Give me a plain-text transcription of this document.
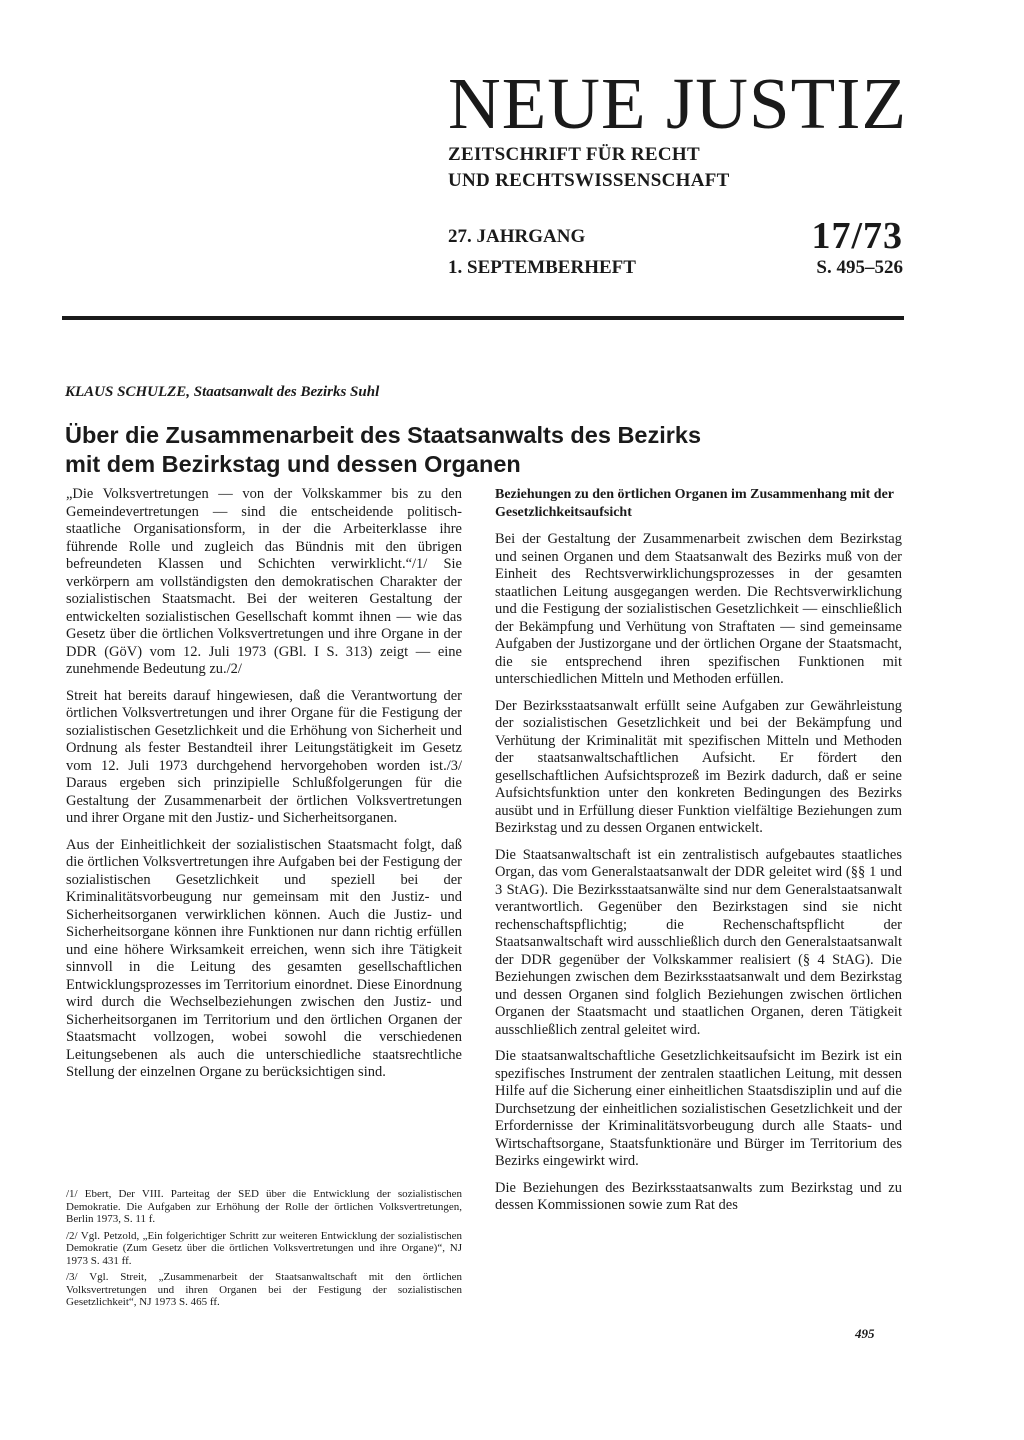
NEUE JUSTIZ
ZEITSCHRIFT FÜR RECHT
UND RECHTSWISSENSCHAFT
27. JAHRGANG	17/73
1. SEPTEMBERHEFT	S. 495–526
KLAUS SCHULZE, Staatsanwalt des Bezirks Suhl
Über die Zusammenarbeit des Staatsanwalts des Bezirks mit dem Bezirkstag und dessen Organen

„Die Volksvertretungen — von der Volkskammer bis zu den Gemeindevertretungen — sind die entscheidende politisch-staatliche Organisationsform, in der die Arbeiterklasse ihre führende Rolle und zugleich das Bündnis mit den übrigen befreundeten Klassen und Schichten verwirklicht.“/1/ Sie verkörpern am vollständigsten den demokratischen Charakter der sozialistischen Staatsmacht. Bei der weiteren Gestaltung der entwickelten sozialistischen Gesellschaft kommt ihnen — wie das Gesetz über die örtlichen Volksvertretungen und ihre Organe in der DDR (GöV) vom 12. Juli 1973 (GBl. I S. 313) zeigt — eine zunehmende Bedeutung zu./2/

Streit hat bereits darauf hingewiesen, daß die Verantwortung der örtlichen Volksvertretungen und ihrer Organe für die Festigung der sozialistischen Gesetzlichkeit und die Erhöhung von Sicherheit und Ordnung als fester Bestandteil ihrer Leitungstätigkeit im Gesetz vom 12. Juli 1973 durchgehend hervorgehoben worden ist./3/ Daraus ergeben sich prinzipielle Schlußfolgerungen für die Gestaltung der Zusammenarbeit der örtlichen Volksvertretungen und ihrer Organe mit den Justiz- und Sicherheitsorganen.

Aus der Einheitlichkeit der sozialistischen Staatsmacht folgt, daß die örtlichen Volksvertretungen ihre Aufgaben bei der Festigung der sozialistischen Gesetzlichkeit und speziell bei der Kriminalitätsvorbeugung nur gemeinsam mit den Justiz- und Sicherheitsorganen verwirklichen können. Auch die Justiz- und Sicherheitsorgane können ihre Funktionen nur dann richtig erfüllen und eine höhere Wirksamkeit erreichen, wenn sich ihre Tätigkeit sinnvoll in die Leitung des gesamten gesellschaftlichen Entwicklungsprozesses im Territorium einordnet. Diese Einordnung wird durch die Wechselbeziehungen zwischen den Justiz- und Sicherheitsorganen im Territorium und den örtlichen Organen der Staatsmacht vollzogen, wobei sowohl die verschiedenen Leitungsebenen als auch die unterschiedliche staatsrechtliche Stellung der einzelnen Organe zu berücksichtigen sind.

/1/ Ebert, Der VIII. Parteitag der SED über die Entwicklung der sozialistischen Demokratie. Die Aufgaben zur Erhöhung der Rolle der örtlichen Volksvertretungen, Berlin 1973, S. 11 f.
/2/ Vgl. Petzold, „Ein folgerichtiger Schritt zur weiteren Entwicklung der sozialistischen Demokratie (Zum Gesetz über die örtlichen Volksvertretungen und ihre Organe)“, NJ 1973 S. 431 ff.
/3/ Vgl. Streit, „Zusammenarbeit der Staatsanwaltschaft mit den örtlichen Volksvertretungen und ihren Organen bei der Festigung der sozialistischen Gesetzlichkeit“, NJ 1973 S. 465 ff.
Beziehungen zu den örtlichen Organen im Zusammenhang mit der Gesetzlichkeitsaufsicht

Bei der Gestaltung der Zusammenarbeit zwischen dem Bezirkstag und seinen Organen und dem Staatsanwalt des Bezirks muß von der Einheit des Rechtsverwirklichungsprozesses in der gesamten staatlichen Leitung ausgegangen werden. Die Rechtsverwirklichung und die Festigung der sozialistischen Gesetzlichkeit — einschließlich der Bekämpfung und Verhütung von Straftaten — sind gemeinsame Aufgaben der Justizorgane und der örtlichen Organe der Staatsmacht, die sie entsprechend ihren spezifischen Funktionen mit unterschiedlichen Mitteln und Methoden erfüllen.

Der Bezirksstaatsanwalt erfüllt seine Aufgaben zur Gewährleistung der sozialistischen Gesetzlichkeit und bei der Bekämpfung und Verhütung der Kriminalität mit spezifischen Mitteln und Methoden der staatsanwaltschaftlichen Aufsicht. Er fördert den gesellschaftlichen Aufsichtsprozeß im Bezirk dadurch, daß er seine Aufsichtsfunktion unter den konkreten Bedingungen des Bezirks ausübt und in Erfüllung dieser Funktion vielfältige Beziehungen zum Bezirkstag und zu dessen Organen entwickelt.

Die Staatsanwaltschaft ist ein zentralistisch aufgebautes staatliches Organ, das vom Generalstaatsanwalt der DDR geleitet wird (§§ 1 und 3 StAG). Die Bezirksstaatsanwälte sind nur dem Generalstaatsanwalt verantwortlich. Gegenüber den Bezirkstagen sind sie nicht rechenschaftspflichtig; die Rechenschaftspflicht der Staatsanwaltschaft wird ausschließlich durch den Generalstaatsanwalt der DDR gegenüber der Volkskammer realisiert (§ 4 StAG). Die Beziehungen zwischen dem Bezirksstaatsanwalt und dem Bezirkstag und dessen Organen sind folglich Beziehungen zwischen örtlichen Organen der Staatsmacht und staatlichen Organen, deren Tätigkeit ausschließlich zentral geleitet wird.

Die staatsanwaltschaftliche Gesetzlichkeitsaufsicht im Bezirk ist ein spezifisches Instrument der zentralen staatlichen Leitung, mit dessen Hilfe auf die Sicherung einer einheitlichen Staatsdisziplin und auf die Durchsetzung der einheitlichen sozialistischen Gesetzlichkeit und der Erfordernisse der Kriminalitätsvorbeugung durch alle Staats- und Wirtschaftsorgane, Staatsfunktionäre und Bürger im Territorium des Bezirks eingewirkt wird.

Die Beziehungen des Bezirksstaatsanwalts zum Bezirkstag und zu dessen Kommissionen sowie zum Rat des

495
